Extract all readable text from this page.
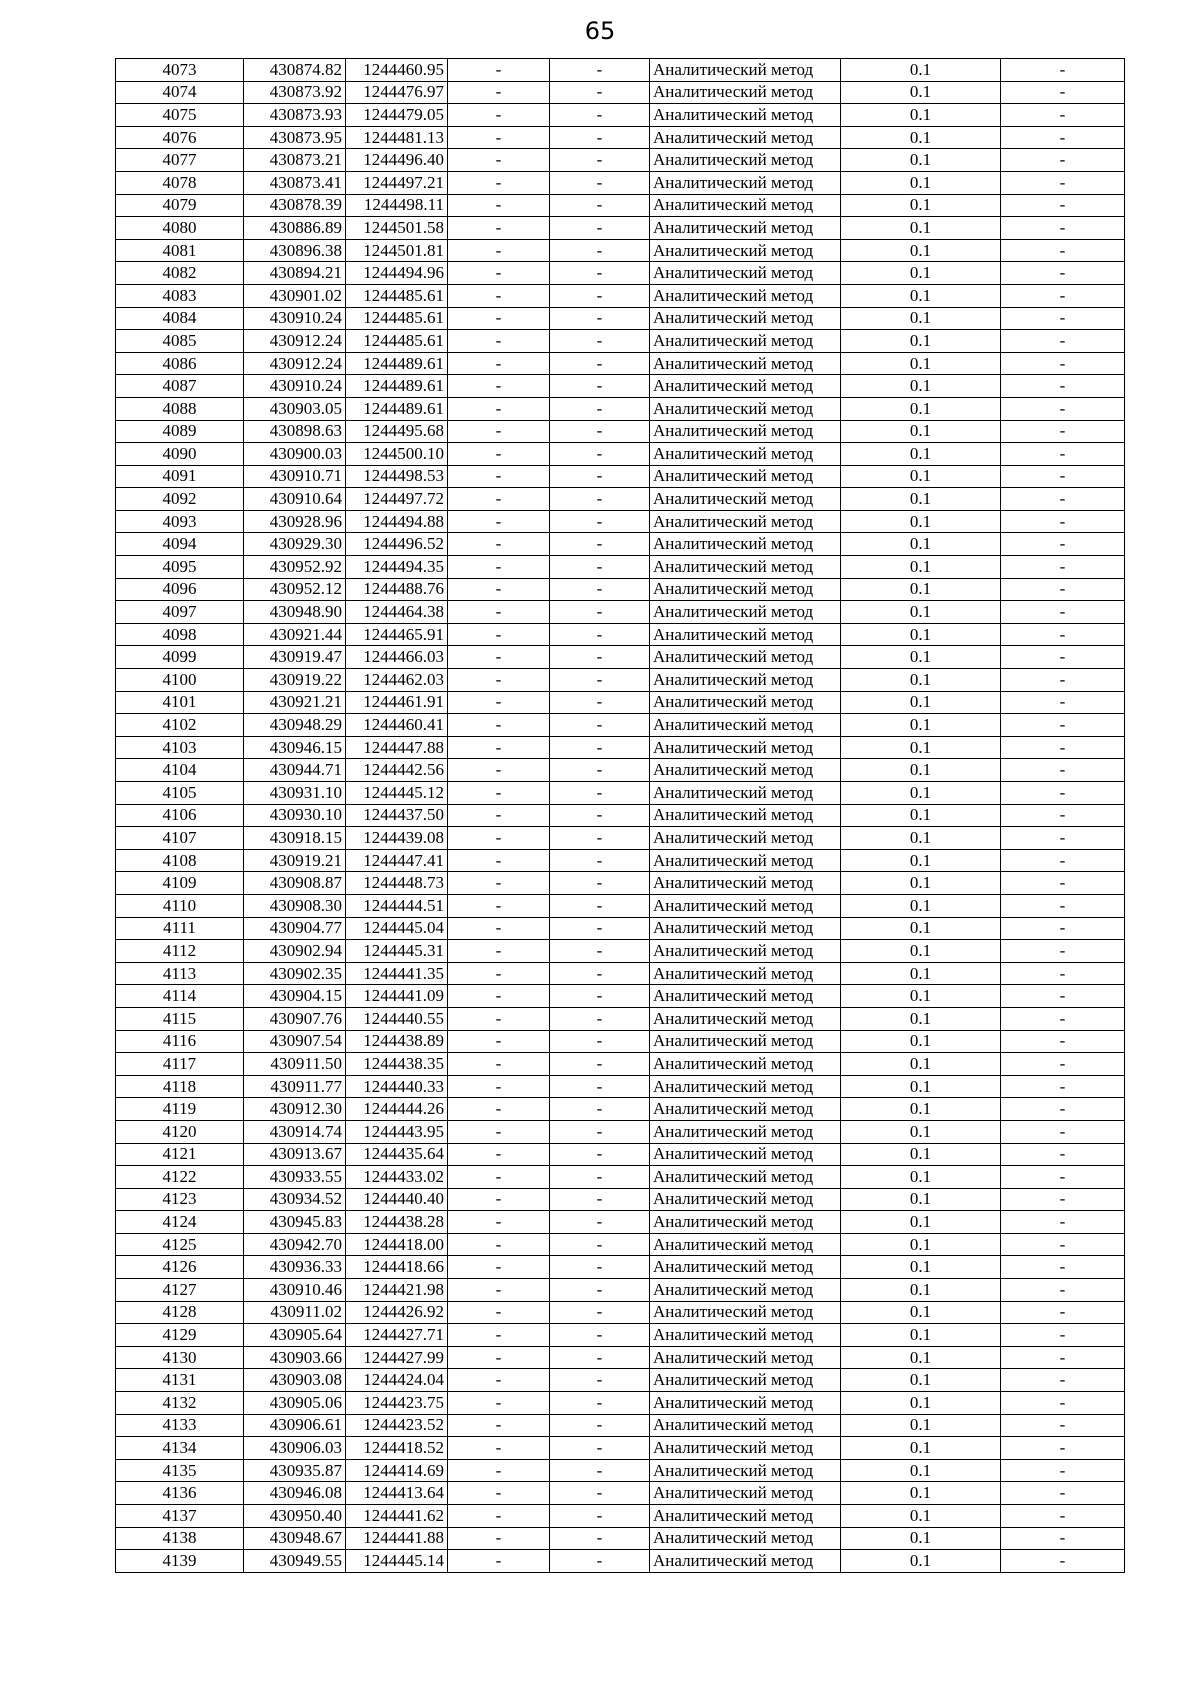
65
4073	430874.82	1244460.95	-	-	Аналитический метод	0.1	-
4074	430873.92	1244476.97	-	-	Аналитический метод	0.1	-
4075	430873.93	1244479.05	-	-	Аналитический метод	0.1	-
4076	430873.95	1244481.13	-	-	Аналитический метод	0.1	-
4077	430873.21	1244496.40	-	-	Аналитический метод	0.1	-
4078	430873.41	1244497.21	-	-	Аналитический метод	0.1	-
4079	430878.39	1244498.11	-	-	Аналитический метод	0.1	-
4080	430886.89	1244501.58	-	-	Аналитический метод	0.1	-
4081	430896.38	1244501.81	-	-	Аналитический метод	0.1	-
4082	430894.21	1244494.96	-	-	Аналитический метод	0.1	-
4083	430901.02	1244485.61	-	-	Аналитический метод	0.1	-
4084	430910.24	1244485.61	-	-	Аналитический метод	0.1	-
4085	430912.24	1244485.61	-	-	Аналитический метод	0.1	-
4086	430912.24	1244489.61	-	-	Аналитический метод	0.1	-
4087	430910.24	1244489.61	-	-	Аналитический метод	0.1	-
4088	430903.05	1244489.61	-	-	Аналитический метод	0.1	-
4089	430898.63	1244495.68	-	-	Аналитический метод	0.1	-
4090	430900.03	1244500.10	-	-	Аналитический метод	0.1	-
4091	430910.71	1244498.53	-	-	Аналитический метод	0.1	-
4092	430910.64	1244497.72	-	-	Аналитический метод	0.1	-
4093	430928.96	1244494.88	-	-	Аналитический метод	0.1	-
4094	430929.30	1244496.52	-	-	Аналитический метод	0.1	-
4095	430952.92	1244494.35	-	-	Аналитический метод	0.1	-
4096	430952.12	1244488.76	-	-	Аналитический метод	0.1	-
4097	430948.90	1244464.38	-	-	Аналитический метод	0.1	-
4098	430921.44	1244465.91	-	-	Аналитический метод	0.1	-
4099	430919.47	1244466.03	-	-	Аналитический метод	0.1	-
4100	430919.22	1244462.03	-	-	Аналитический метод	0.1	-
4101	430921.21	1244461.91	-	-	Аналитический метод	0.1	-
4102	430948.29	1244460.41	-	-	Аналитический метод	0.1	-
4103	430946.15	1244447.88	-	-	Аналитический метод	0.1	-
4104	430944.71	1244442.56	-	-	Аналитический метод	0.1	-
4105	430931.10	1244445.12	-	-	Аналитический метод	0.1	-
4106	430930.10	1244437.50	-	-	Аналитический метод	0.1	-
4107	430918.15	1244439.08	-	-	Аналитический метод	0.1	-
4108	430919.21	1244447.41	-	-	Аналитический метод	0.1	-
4109	430908.87	1244448.73	-	-	Аналитический метод	0.1	-
4110	430908.30	1244444.51	-	-	Аналитический метод	0.1	-
4111	430904.77	1244445.04	-	-	Аналитический метод	0.1	-
4112	430902.94	1244445.31	-	-	Аналитический метод	0.1	-
4113	430902.35	1244441.35	-	-	Аналитический метод	0.1	-
4114	430904.15	1244441.09	-	-	Аналитический метод	0.1	-
4115	430907.76	1244440.55	-	-	Аналитический метод	0.1	-
4116	430907.54	1244438.89	-	-	Аналитический метод	0.1	-
4117	430911.50	1244438.35	-	-	Аналитический метод	0.1	-
4118	430911.77	1244440.33	-	-	Аналитический метод	0.1	-
4119	430912.30	1244444.26	-	-	Аналитический метод	0.1	-
4120	430914.74	1244443.95	-	-	Аналитический метод	0.1	-
4121	430913.67	1244435.64	-	-	Аналитический метод	0.1	-
4122	430933.55	1244433.02	-	-	Аналитический метод	0.1	-
4123	430934.52	1244440.40	-	-	Аналитический метод	0.1	-
4124	430945.83	1244438.28	-	-	Аналитический метод	0.1	-
4125	430942.70	1244418.00	-	-	Аналитический метод	0.1	-
4126	430936.33	1244418.66	-	-	Аналитический метод	0.1	-
4127	430910.46	1244421.98	-	-	Аналитический метод	0.1	-
4128	430911.02	1244426.92	-	-	Аналитический метод	0.1	-
4129	430905.64	1244427.71	-	-	Аналитический метод	0.1	-
4130	430903.66	1244427.99	-	-	Аналитический метод	0.1	-
4131	430903.08	1244424.04	-	-	Аналитический метод	0.1	-
4132	430905.06	1244423.75	-	-	Аналитический метод	0.1	-
4133	430906.61	1244423.52	-	-	Аналитический метод	0.1	-
4134	430906.03	1244418.52	-	-	Аналитический метод	0.1	-
4135	430935.87	1244414.69	-	-	Аналитический метод	0.1	-
4136	430946.08	1244413.64	-	-	Аналитический метод	0.1	-
4137	430950.40	1244441.62	-	-	Аналитический метод	0.1	-
4138	430948.67	1244441.88	-	-	Аналитический метод	0.1	-
4139	430949.55	1244445.14	-	-	Аналитический метод	0.1	-
